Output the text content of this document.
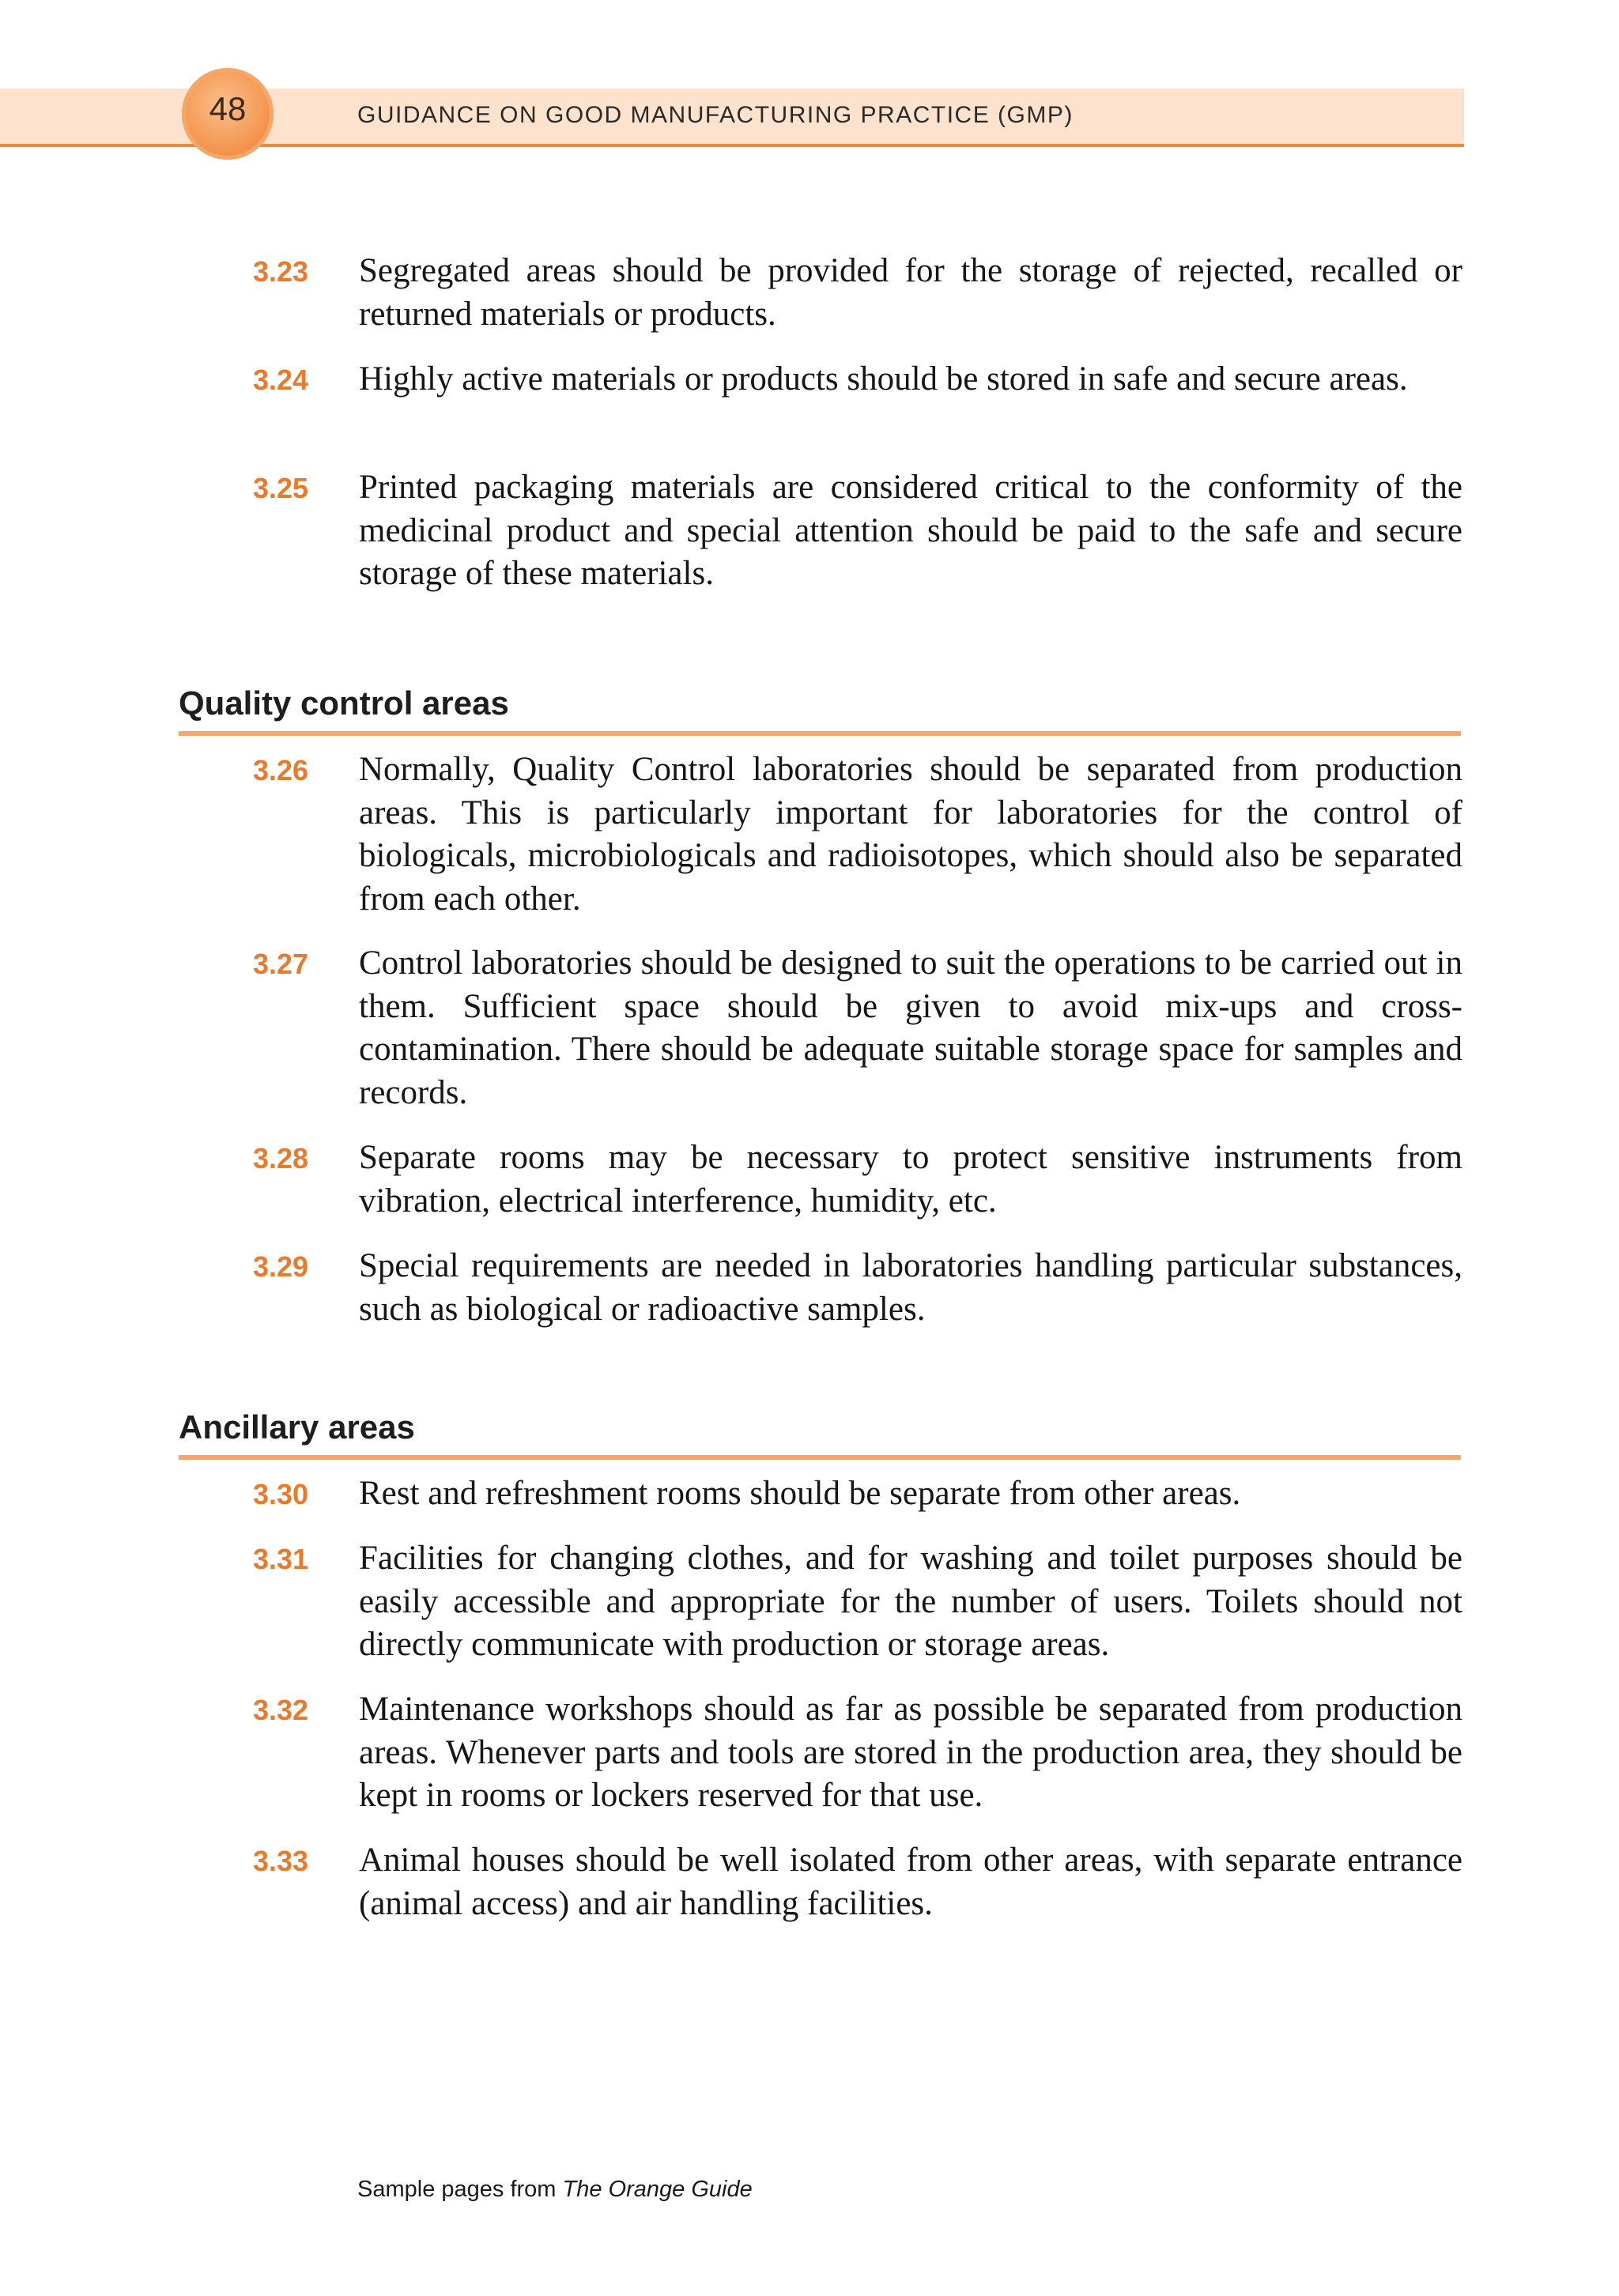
48	GUIDANCE ON GOOD MANUFACTURING PRACTICE (GMP)
3.23	Segregated areas should be provided for the storage of rejected, recalled or returned materials or products.
3.24	Highly active materials or products should be stored in safe and secure areas.
3.25	Printed packaging materials are considered critical to the conformity of the medicinal product and special attention should be paid to the safe and secure storage of these materials.
Quality control areas
3.26	Normally, Quality Control laboratories should be separated from production areas. This is particularly important for laboratories for the control of biologicals, microbiologicals and radioisotopes, which should also be separated from each other.
3.27	Control laboratories should be designed to suit the operations to be carried out in them. Sufficient space should be given to avoid mix-ups and cross-contamination. There should be adequate suitable storage space for samples and records.
3.28	Separate rooms may be necessary to protect sensitive instruments from vibration, electrical interference, humidity, etc.
3.29	Special requirements are needed in laboratories handling particular substances, such as biological or radioactive samples.
Ancillary areas
3.30	Rest and refreshment rooms should be separate from other areas.
3.31	Facilities for changing clothes, and for washing and toilet purposes should be easily accessible and appropriate for the number of users. Toilets should not directly communicate with production or storage areas.
3.32	Maintenance workshops should as far as possible be separated from production areas. Whenever parts and tools are stored in the production area, they should be kept in rooms or lockers reserved for that use.
3.33	Animal houses should be well isolated from other areas, with separate entrance (animal access) and air handling facilities.
Sample pages from The Orange Guide
